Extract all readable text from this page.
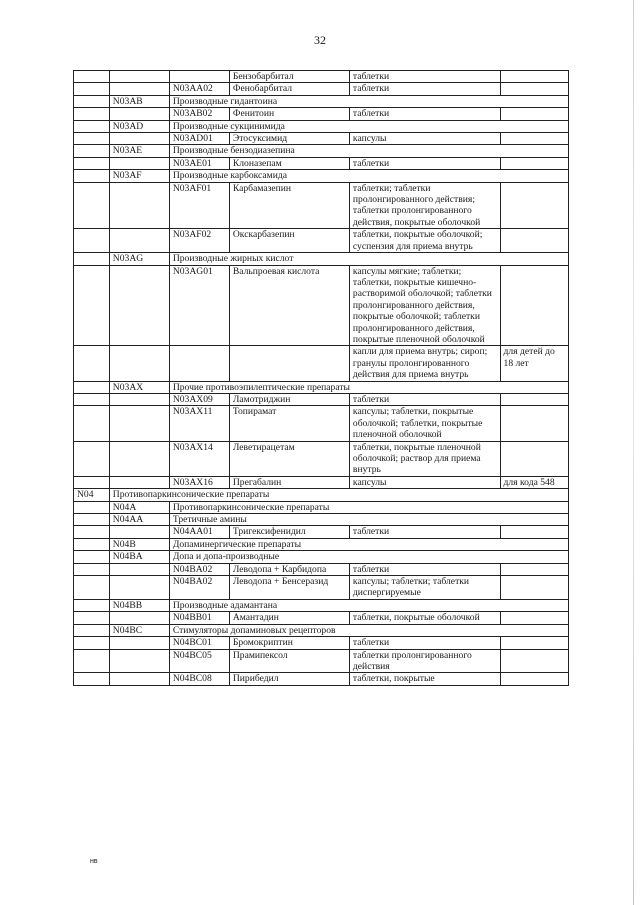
32
			Бензобарбитал	таблетки	
		N03AA02	Фенобарбитал	таблетки	
	N03AB	Производные гидантоина			
		N03AB02	Фенитоин	таблетки	
	N03AD	Производные сукцинимида			
		N03AD01	Этосуксимид	капсулы	
	N03AE	Производные бензодиазепина			
		N03AE01	Клоназепам	таблетки	
	N03AF	Производные карбоксамида			
		N03AF01	Карбамазепин	таблетки; таблетки пролонгированного действия; таблетки пролонгированного действия, покрытые оболочкой	
		N03AF02	Окскарбазепин	таблетки, покрытые оболочкой; суспензия для приема внутрь	
	N03AG	Производные жирных кислот			
		N03AG01	Вальпроевая кислота	капсулы мягкие; таблетки; таблетки, покрытые кишечно- растворимой оболочкой; таблетки пролонгированного действия, покрытые оболочкой; таблетки пролонгированного действия, покрытые пленочной оболочкой	
				капли для приема внутрь; сироп; гранулы пролонгированного действия для приема внутрь	для детей до 18 лет
	N03AX	Прочие противоэпилептические препараты			
		N03AX09	Ламотриджин	таблетки	
		N03AX11	Топирамат	капсулы; таблетки, покрытые оболочкой; таблетки, покрытые пленочной оболочкой	
		N03AX14	Леветирацетам	таблетки, покрытые пленочной оболочкой; раствор для приема внутрь	
		N03AX16	Прегабалин	капсулы	для кода 548
N04	Противопаркинсонические препараты				
	N04A	Противопаркинсонические препараты			
	N04AA	Третичные амины			
		N04AA01	Тригексифенидил	таблетки	
	N04B	Допаминергические препараты			
	N04BA	Допа и допа-производные			
		N04BA02	Леводопа + Карбидопа	таблетки	
		N04BA02	Леводопа + Бенсеразид	капсулы; таблетки; таблетки диспергируемые	
	N04BB	Производные адамантана			
		N04BB01	Амантадин	таблетки, покрытые оболочкой	
	N04BC	Стимуляторы допаминовых рецепторов			
		N04BC01	Бромокриптин	таблетки	
		N04BC05	Прамипексол	таблетки пролонгированного действия	
		N04BC08	Пирибедил	таблетки, покрытые	
нв
